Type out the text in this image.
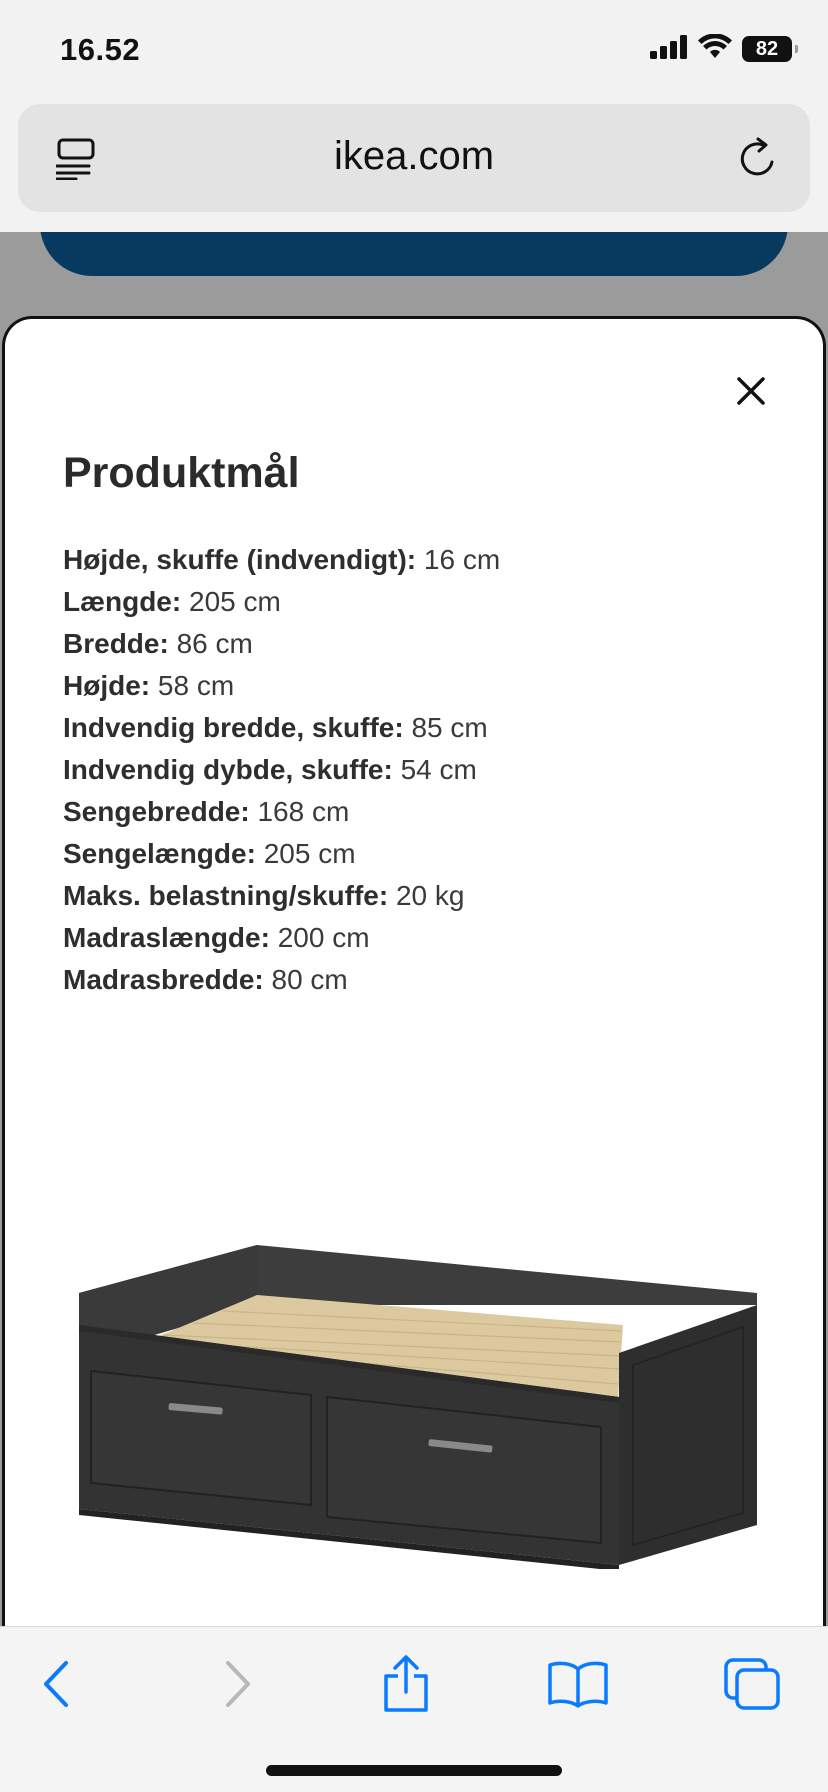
16.52	82
ikea.com
Produktmål
Højde, skuffe (indvendigt): 16 cm
Længde: 205 cm
Bredde: 86 cm
Højde: 58 cm
Indvendig bredde, skuffe: 85 cm
Indvendig dybde, skuffe: 54 cm
Sengebredde: 168 cm
Sengelængde: 205 cm
Maks. belastning/skuffe: 20 kg
Madraslængde: 200 cm
Madrasbredde: 80 cm
